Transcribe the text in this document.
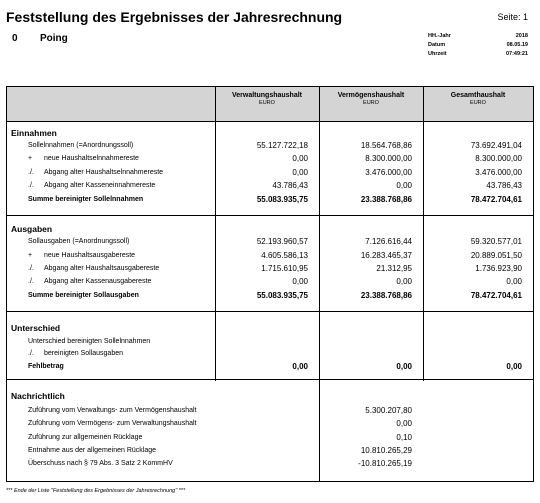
Feststellung des Ergebnisses der Jahresrechnung	Seite: 1
0 Poing	HH.-Jahr	2018
Datum	08.05.19
Uhrzeit	07:49:21
Verwaltungshaushalt
EURO
Vermögenshaushalt
EURO
Gesamthaushalt
EURO
Einnahmen
Sollelnnahmen (=Anordnungssoll)	55.127.722,18	18.564.768,86	73.692.491,04
+ neue Haushaltselnnahmereste	0,00	8.300.000,00	8.300.000,00
./. Abgang alter Haushaltselnnahmereste	0,00	3.476.000,00	3.476.000,00
./. Abgang alter Kasseneinnahmereste	43.786,43	0,00	43.786,43
Summe bereinigter Sollelnnahmen	55.083.935,75	23.388.768,86	78.472.704,61
Ausgaben
Sollausgaben (=Anordnungssoll)	52.193.960,57	7.126.616,44	59.320.577,01
+ neue Haushaltsausgabereste	4.605.586,13	16.283.465,37	20.889.051,50
./. Abgang alter Haushaltsausgabereste	1.715.610,95	21.312,95	1.736.923,90
./. Abgang alter Kassenausgabereste	0,00	0,00	0,00
Summe bereinigter Sollausgaben	55.083.935,75	23.388.768,86	78.472.704,61
Unterschied
Unterschied bereinigten Sollelnnahmen
./. bereinigten Sollausgaben
Fehlbetrag	0,00	0,00	0,00
Nachrichtlich
Zuführung vom Verwaltungs- zum Vermögenshaushalt	5.300.207,80
Zuführung vom Vermögens- zum Verwaltungshaushalt	0,00
Zuführung zur allgemeinen Rücklage	0,10
Entnahme aus der allgemeinen Rücklage	10.810.265,29
Überschuss nach § 79 Abs. 3 Satz 2 KommHV	-10.810.265,19
*** Ende der Liste "Feststellung des Ergebnisses der Jahresrechnung" ***
